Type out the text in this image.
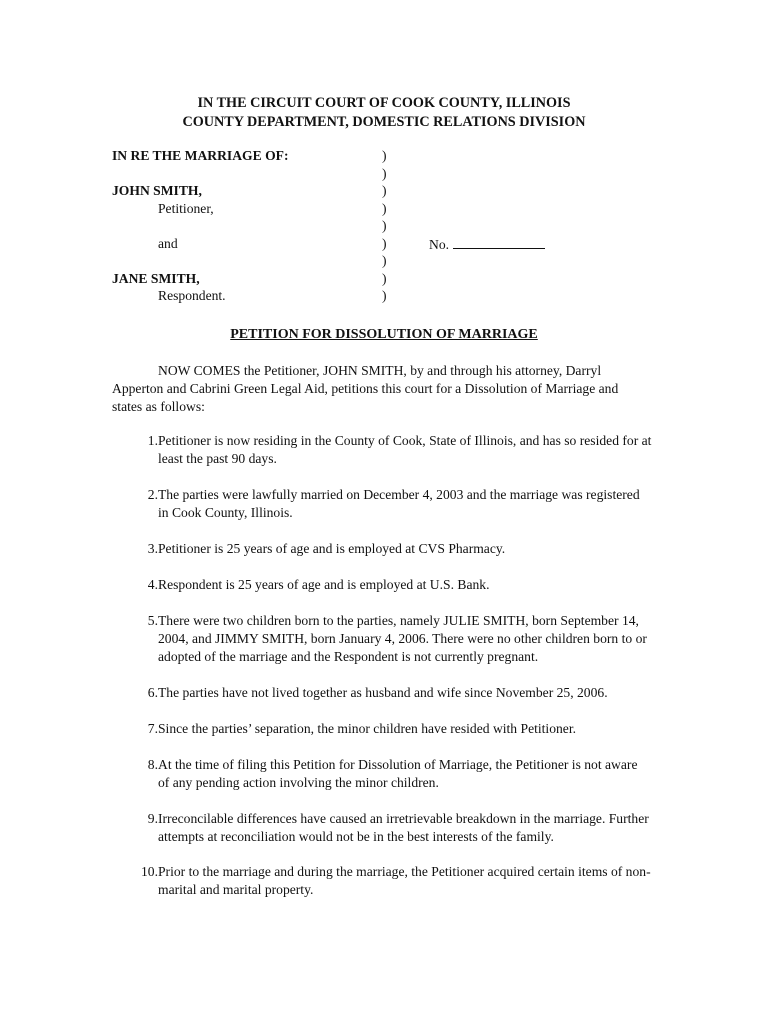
IN THE CIRCUIT COURT OF COOK COUNTY, ILLINOIS
COUNTY DEPARTMENT, DOMESTIC RELATIONS DIVISION
IN RE THE MARRIAGE OF:	)
)
JOHN SMITH,	)
Petitioner,	)
)
and	)	No.
)
JANE SMITH,	)
Respondent.	)
PETITION FOR DISSOLUTION OF MARRIAGE
NOW COMES the Petitioner, JOHN SMITH, by and through his attorney, Darryl Apperton and Cabrini Green Legal Aid, petitions this court for a Dissolution of Marriage and states as follows:
1. Petitioner is now residing in the County of Cook, State of Illinois, and has so resided for at least the past 90 days.
2. The parties were lawfully married on December 4, 2003 and the marriage was registered in Cook County, Illinois.
3. Petitioner is 25 years of age and is employed at CVS Pharmacy.
4. Respondent is 25 years of age and is employed at U.S. Bank.
5. There were two children born to the parties, namely JULIE SMITH, born September 14, 2004, and JIMMY SMITH, born January 4, 2006. There were no other children born to or adopted of the marriage and the Respondent is not currently pregnant.
6. The parties have not lived together as husband and wife since November 25, 2006.
7. Since the parties’ separation, the minor children have resided with Petitioner.
8. At the time of filing this Petition for Dissolution of Marriage, the Petitioner is not aware of any pending action involving the minor children.
9. Irreconcilable differences have caused an irretrievable breakdown in the marriage. Further attempts at reconciliation would not be in the best interests of the family.
10. Prior to the marriage and during the marriage, the Petitioner acquired certain items of non-marital and marital property.
